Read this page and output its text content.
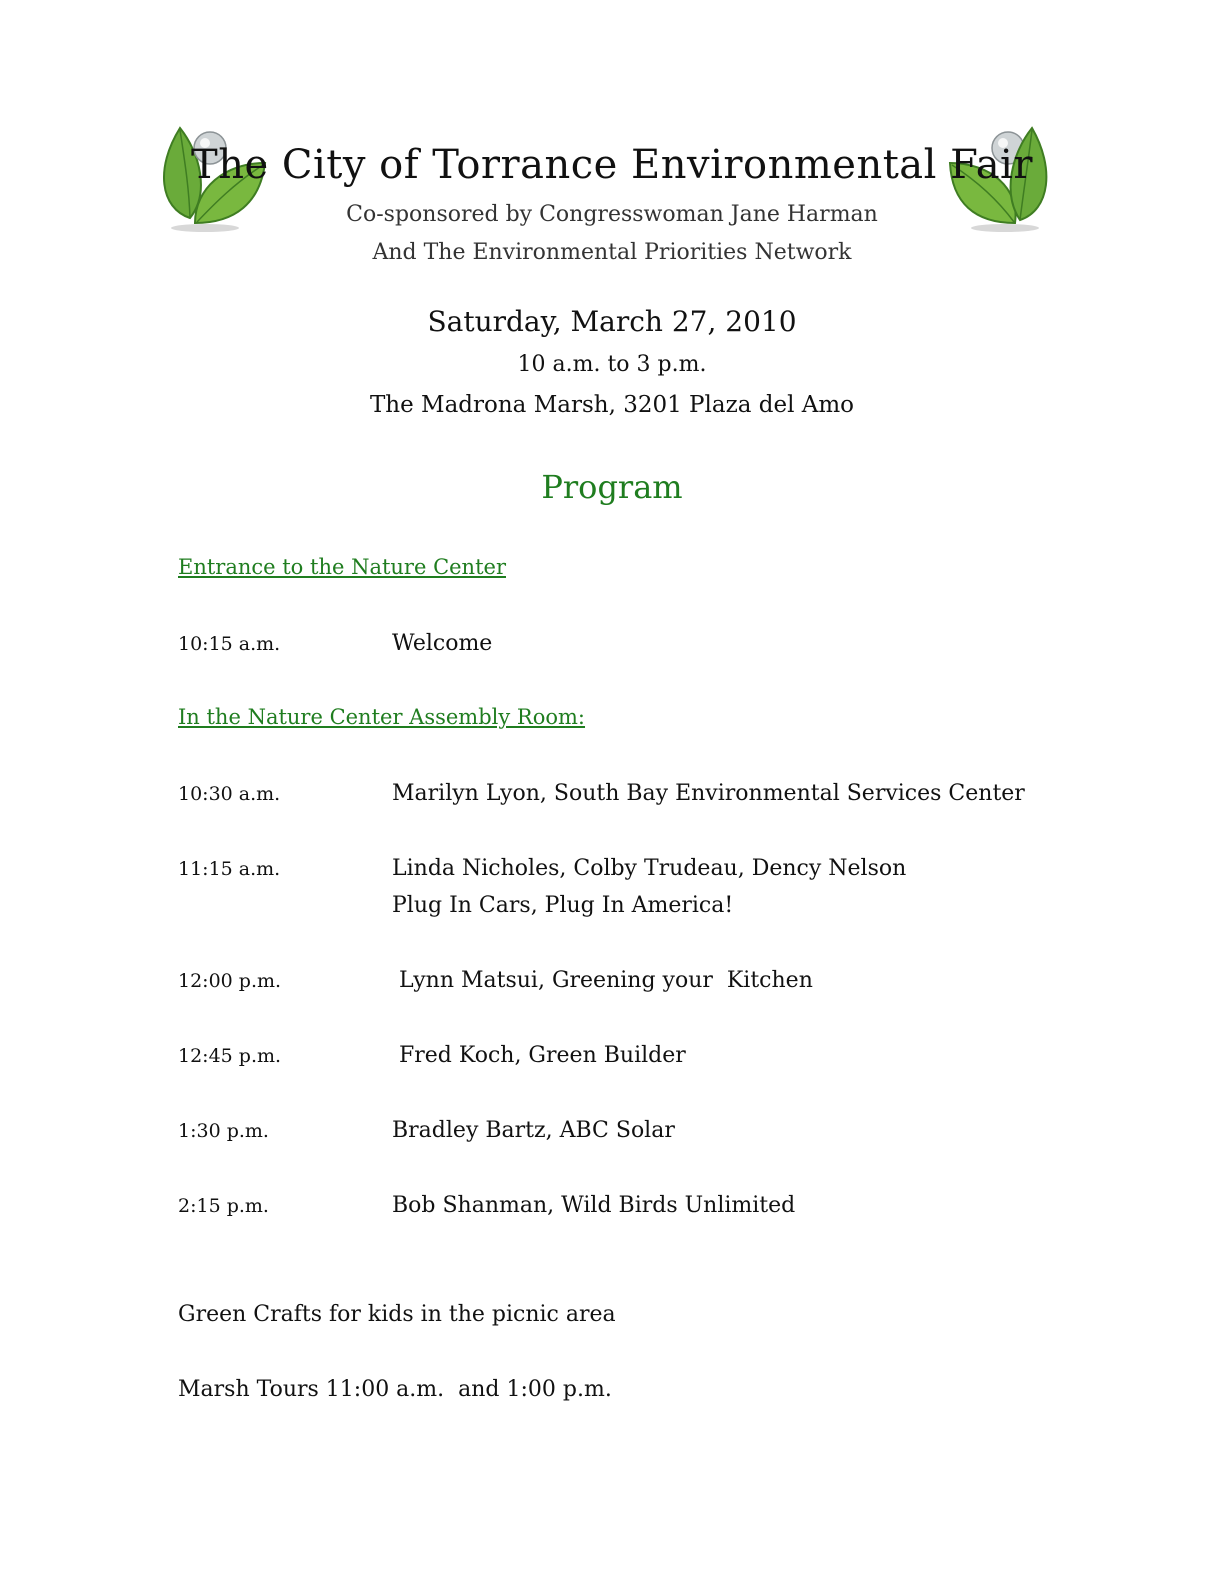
The City of Torrance Environmental Fair
Co-sponsored by Congresswoman Jane Harman
And The Environmental Priorities Network
Saturday, March 27, 2010
10 a.m. to 3 p.m.
The Madrona Marsh, 3201 Plaza del Amo
Program
Entrance to the Nature Center
10:15 a.m.	Welcome
In the Nature Center Assembly Room:
10:30 a.m.	Marilyn Lyon, South Bay Environmental Services Center
11:15 a.m.	Linda Nicholes, Colby Trudeau, Dency Nelson
Plug In Cars, Plug In America!
12:00 p.m.	Lynn Matsui, Greening your  Kitchen
12:45 p.m.	Fred Koch, Green Builder
1:30 p.m.	Bradley Bartz, ABC Solar
2:15 p.m.	Bob Shanman, Wild Birds Unlimited
Green Crafts for kids in the picnic area
Marsh Tours 11:00 a.m.  and 1:00 p.m.
